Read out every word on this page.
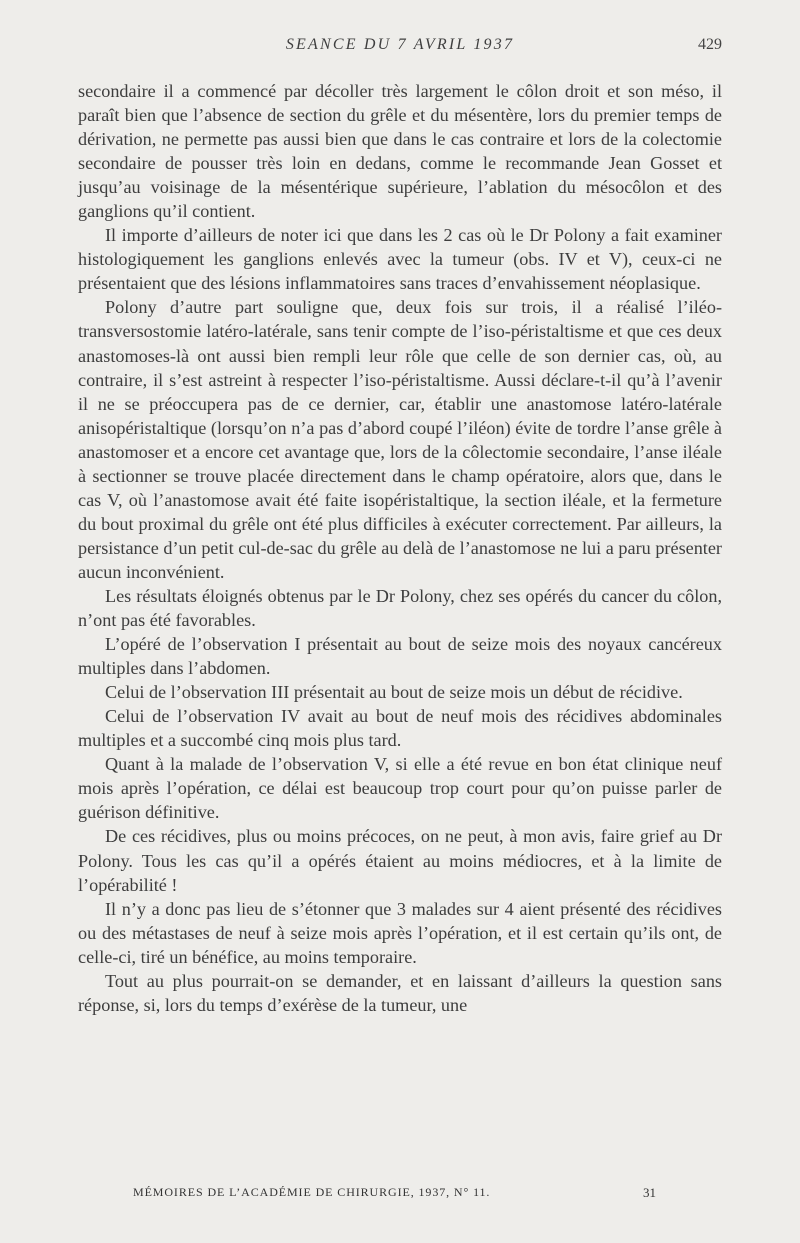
SEANCE DU 7 AVRIL 1937	429

secondaire il a commencé par décoller très largement le côlon droit et son méso, il paraît bien que l’absence de section du grêle et du mésentère, lors du premier temps de dérivation, ne permette pas aussi bien que dans le cas contraire et lors de la colectomie secondaire de pousser très loin en dedans, comme le recommande Jean Gosset et jusqu’au voisinage de la mésentérique supérieure, l’ablation du mésocôlon et des ganglions qu’il contient.

Il importe d’ailleurs de noter ici que dans les 2 cas où le Dr Polony a fait examiner histologiquement les ganglions enlevés avec la tumeur (obs. IV et V), ceux-ci ne présentaient que des lésions inflammatoires sans traces d’envahissement néoplasique.

Polony d’autre part souligne que, deux fois sur trois, il a réalisé l’iléo-transversostomie latéro-latérale, sans tenir compte de l’iso-péristaltisme et que ces deux anastomoses-là ont aussi bien rempli leur rôle que celle de son dernier cas, où, au contraire, il s’est astreint à respecter l’iso-péristaltisme. Aussi déclare-t-il qu’à l’avenir il ne se préoccupera pas de ce dernier, car, établir une anastomose latéro-latérale anisopéristaltique (lorsqu’on n’a pas d’abord coupé l’iléon) évite de tordre l’anse grêle à anastomoser et a encore cet avantage que, lors de la côlectomie secondaire, l’anse iléale à sectionner se trouve placée directement dans le champ opératoire, alors que, dans le cas V, où l’anastomose avait été faite isopéristaltique, la section iléale, et la fermeture du bout proximal du grêle ont été plus difficiles à exécuter correctement. Par ailleurs, la persistance d’un petit cul-de-sac du grêle au delà de l’anastomose ne lui a paru présenter aucun inconvénient.

Les résultats éloignés obtenus par le Dr Polony, chez ses opérés du cancer du côlon, n’ont pas été favorables.

L’opéré de l’observation I présentait au bout de seize mois des noyaux cancéreux multiples dans l’abdomen.

Celui de l’observation III présentait au bout de seize mois un début de récidive.

Celui de l’observation IV avait au bout de neuf mois des récidives abdominales multiples et a succombé cinq mois plus tard.

Quant à la malade de l’observation V, si elle a été revue en bon état clinique neuf mois après l’opération, ce délai est beaucoup trop court pour qu’on puisse parler de guérison définitive.

De ces récidives, plus ou moins précoces, on ne peut, à mon avis, faire grief au Dr Polony. Tous les cas qu’il a opérés étaient au moins médiocres, et à la limite de l’opérabilité !

Il n’y a donc pas lieu de s’étonner que 3 malades sur 4 aient présenté des récidives ou des métastases de neuf à seize mois après l’opération, et il est certain qu’ils ont, de celle-ci, tiré un bénéfice, au moins temporaire.

Tout au plus pourrait-on se demander, et en laissant d’ailleurs la question sans réponse, si, lors du temps d’exérèse de la tumeur, une

MÉMOIRES DE L’ACADÉMIE DE CHIRURGIE, 1937, N° 11.	31
